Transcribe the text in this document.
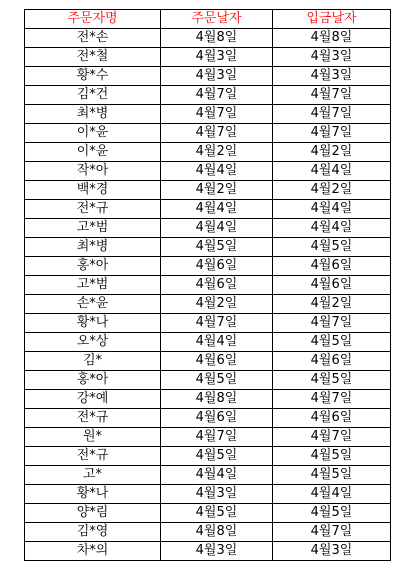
주문자명	주문날자	입금날자
전*손	4월8일	4월8일
전*철	4월3일	4월3일
황*수	4월3일	4월3일
김*건	4월7일	4월7일
최*병	4월7일	4월7일
이*윤	4월7일	4월7일
이*윤	4월2일	4월2일
작*아	4월4일	4월4일
백*경	4월2일	4월2일
전*규	4월4일	4월4일
고*범	4월4일	4월4일
최*병	4월5일	4월5일
홍*아	4월6일	4월6일
고*범	4월6일	4월6일
손*윤	4월2일	4월2일
황*나	4월7일	4월7일
오*상	4월4일	4월5일
김*	4월6일	4월6일
홍*아	4월5일	4월5일
강*예	4월8일	4월7일
전*규	4월6일	4월6일
원*	4월7일	4월7일
전*규	4월5일	4월5일
고*	4월4일	4월5일
황*나	4월3일	4월4일
양*림	4월5일	4월5일
김*영	4월8일	4월7일
차*의	4월3일	4월3일
